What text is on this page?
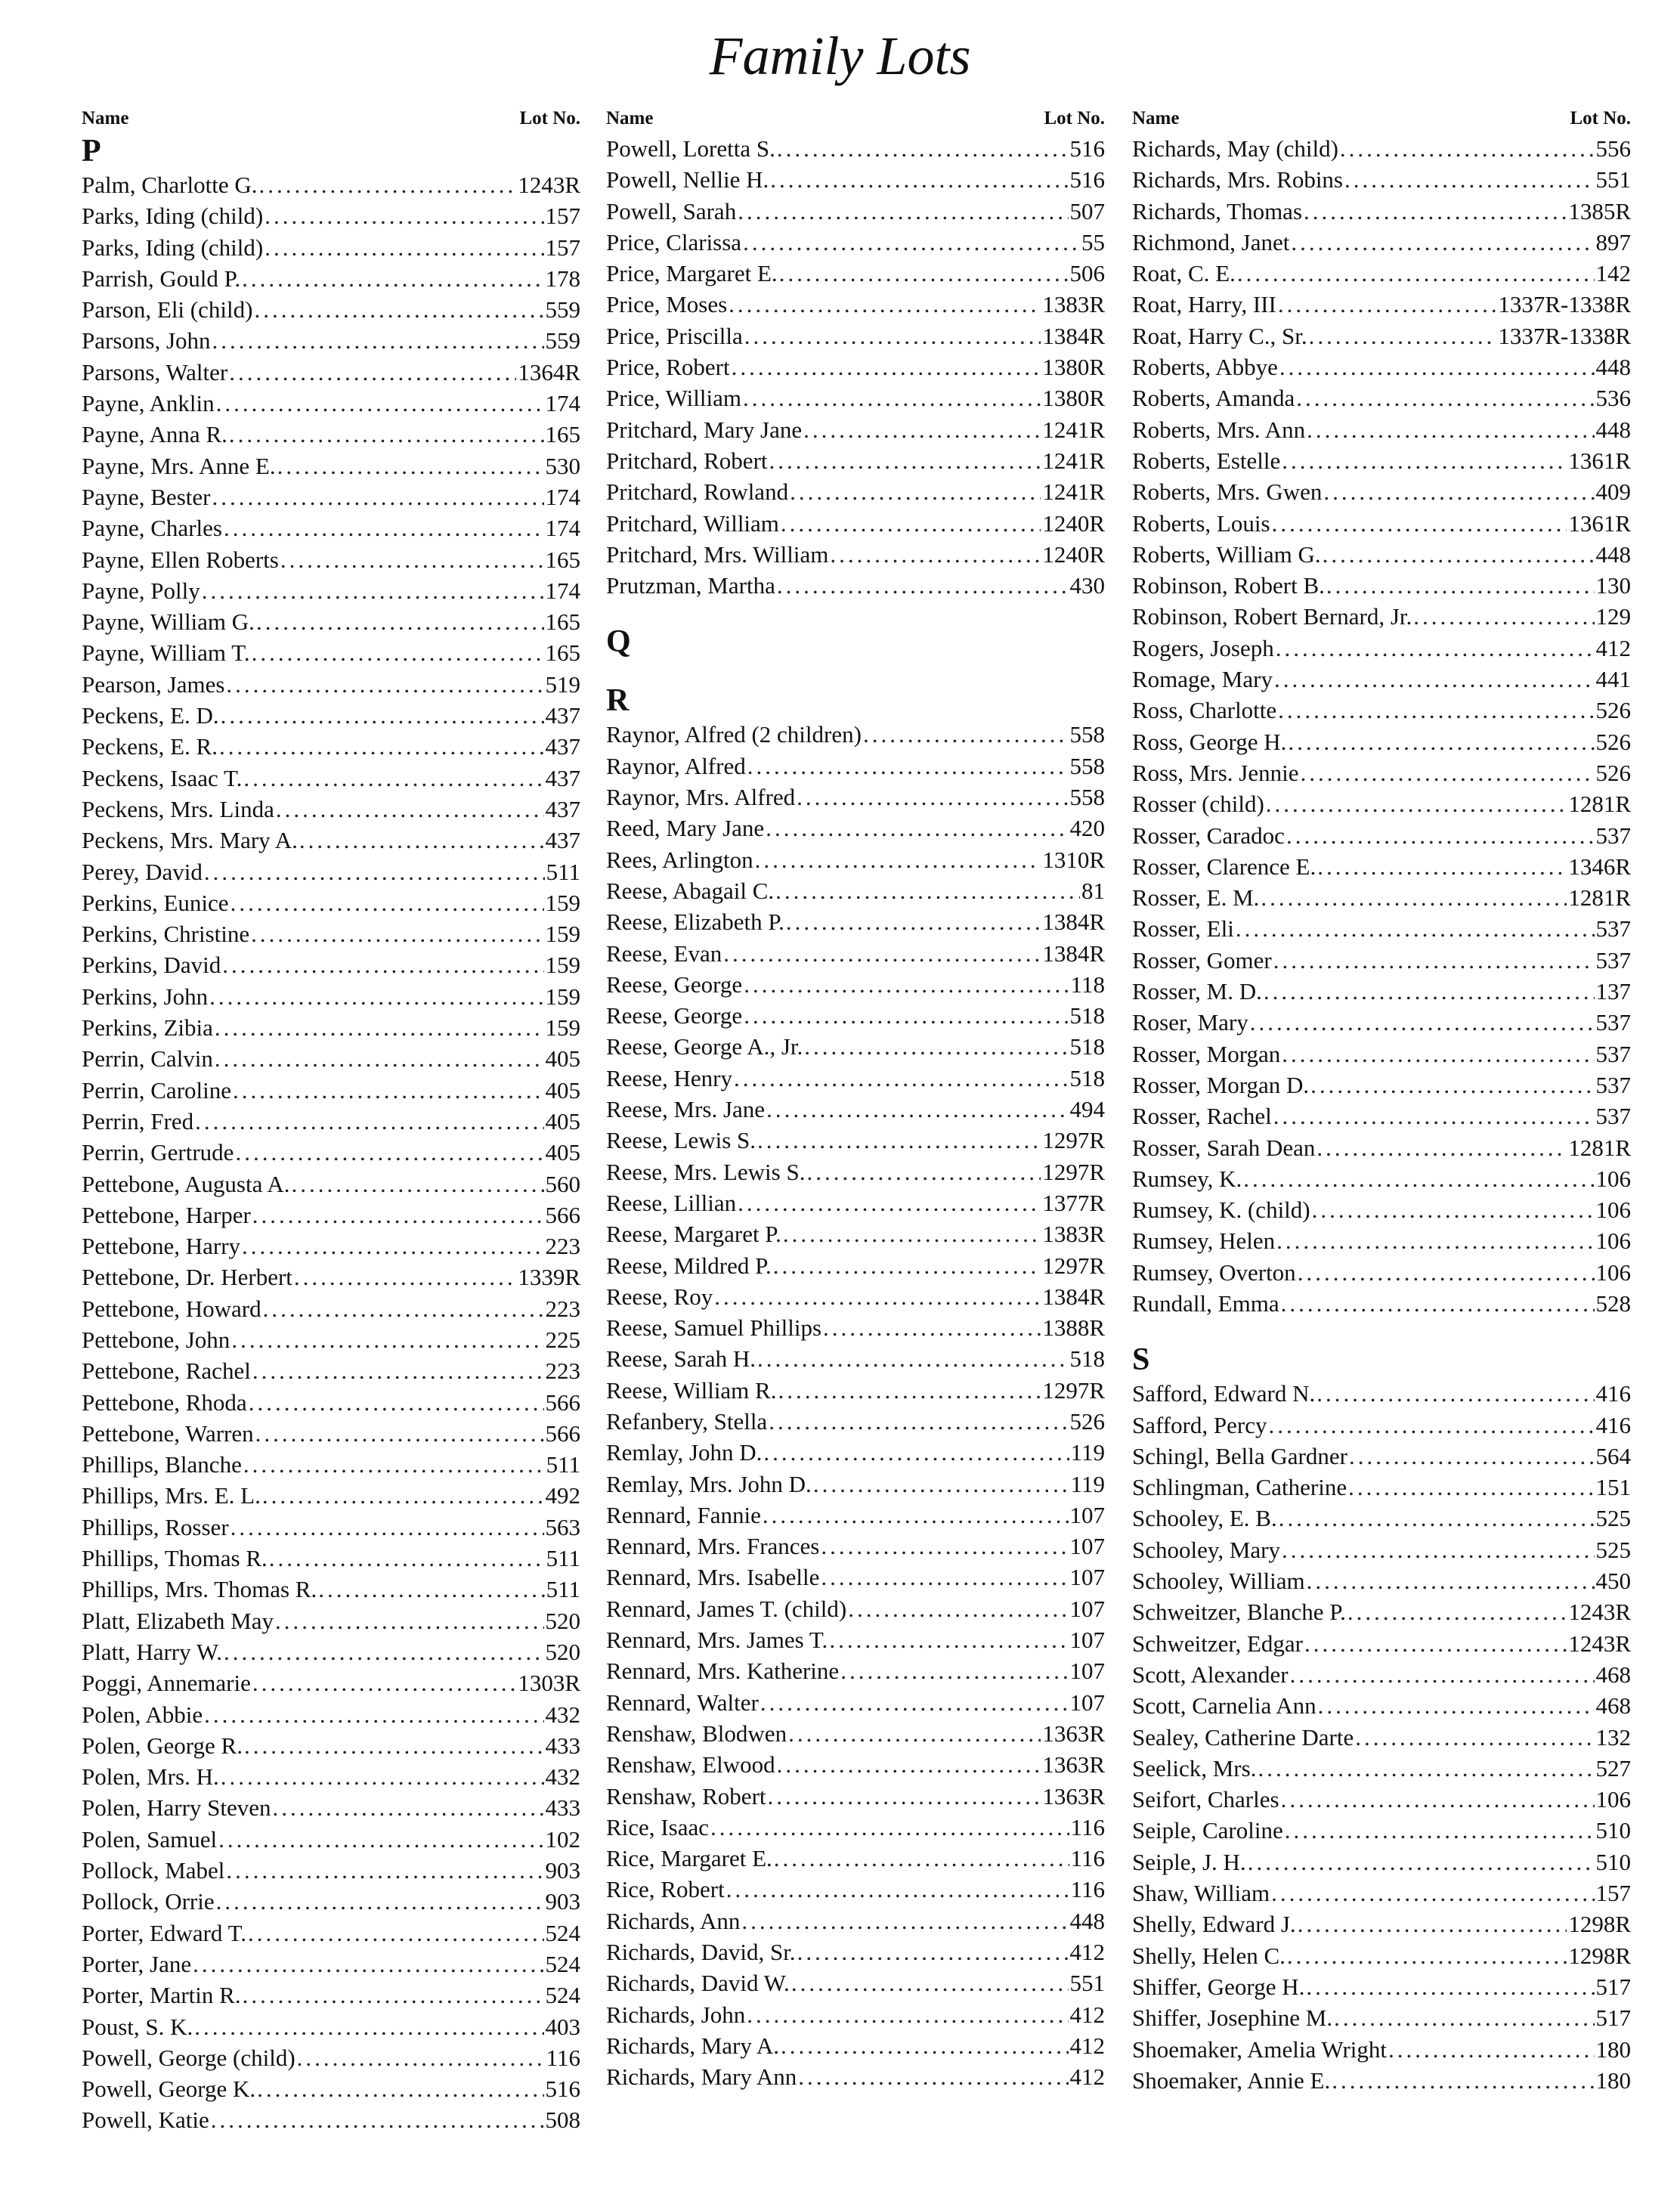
Family Lots
Name	Lot No.
P
Palm, Charlotte G. .....	1243R
Parks, Iding (child) .....	157
Parks, Iding (child) .....	157
Parrish, Gould P. .....	178
Parson, Eli (child) .....	559
Parsons, John .....	559
Parsons, Walter .....	1364R
Payne, Anklin .....	174
Payne, Anna R. .....	165
Payne, Mrs. Anne E. .....	530
Payne, Bester .....	174
Payne, Charles .....	174
Payne, Ellen Roberts .....	165
Payne, Polly .....	174
Payne, William G. .....	165
Payne, William T. .....	165
Pearson, James .....	519
Peckens, E. D. .....	437
Peckens, E. R. .....	437
Peckens, Isaac T. .....	437
Peckens, Mrs. Linda .....	437
Peckens, Mrs. Mary A. .....	437
Perey, David .....	511
Perkins, Eunice .....	159
Perkins, Christine .....	159
Perkins, David .....	159
Perkins, John .....	159
Perkins, Zibia .....	159
Perrin, Calvin .....	405
Perrin, Caroline .....	405
Perrin, Fred .....	405
Perrin, Gertrude .....	405
Pettebone, Augusta A. .....	560
Pettebone, Harper .....	566
Pettebone, Harry .....	223
Pettebone, Dr. Herbert .....	1339R
Pettebone, Howard .....	223
Pettebone, John .....	225
Pettebone, Rachel .....	223
Pettebone, Rhoda .....	566
Pettebone, Warren .....	566
Phillips, Blanche .....	511
Phillips, Mrs. E. L. .....	492
Phillips, Rosser .....	563
Phillips, Thomas R. .....	511
Phillips, Mrs. Thomas R. .....	511
Platt, Elizabeth May .....	520
Platt, Harry W. .....	520
Poggi, Annemarie .....	1303R
Polen, Abbie .....	432
Polen, George R. .....	433
Polen, Mrs. H. .....	432
Polen, Harry Steven .....	433
Polen, Samuel .....	102
Pollock, Mabel .....	903
Pollock, Orrie .....	903
Porter, Edward T. .....	524
Porter, Jane .....	524
Porter, Martin R. .....	524
Poust, S. K. .....	403
Powell, George (child) .....	116
Powell, George K. .....	516
Powell, Katie .....	508
Name	Lot No.
Powell, Loretta S. .....	516
Powell, Nellie H. .....	516
Powell, Sarah .....	507
Price, Clarissa .....	55
Price, Margaret E. .....	506
Price, Moses .....	1383R
Price, Priscilla .....	1384R
Price, Robert .....	1380R
Price, William .....	1380R
Pritchard, Mary Jane .....	1241R
Pritchard, Robert .....	1241R
Pritchard, Rowland .....	1241R
Pritchard, William .....	1240R
Pritchard, Mrs. William .....	1240R
Prutzman, Martha .....	430
Q
R
Raynor, Alfred (2 children) .....	558
Raynor, Alfred .....	558
Raynor, Mrs. Alfred .....	558
Reed, Mary Jane .....	420
Rees, Arlington .....	1310R
Reese, Abagail C. .....	81
Reese, Elizabeth P. .....	1384R
Reese, Evan .....	1384R
Reese, George .....	118
Reese, George .....	518
Reese, George A., Jr. .....	518
Reese, Henry .....	518
Reese, Mrs. Jane .....	494
Reese, Lewis S. .....	1297R
Reese, Mrs. Lewis S. .....	1297R
Reese, Lillian .....	1377R
Reese, Margaret P. .....	1383R
Reese, Mildred P. .....	1297R
Reese, Roy .....	1384R
Reese, Samuel Phillips .....	1388R
Reese, Sarah H. .....	518
Reese, William R. .....	1297R
Refanbery, Stella .....	526
Remlay, John D. .....	119
Remlay, Mrs. John D. .....	119
Rennard, Fannie .....	107
Rennard, Mrs. Frances .....	107
Rennard, Mrs. Isabelle .....	107
Rennard, James T. (child) .....	107
Rennard, Mrs. James T. .....	107
Rennard, Mrs. Katherine .....	107
Rennard, Walter .....	107
Renshaw, Blodwen .....	1363R
Renshaw, Elwood .....	1363R
Renshaw, Robert .....	1363R
Rice, Isaac .....	116
Rice, Margaret E. .....	116
Rice, Robert .....	116
Richards, Ann .....	448
Richards, David, Sr. .....	412
Richards, David W. .....	551
Richards, John .....	412
Richards, Mary A. .....	412
Richards, Mary Ann .....	412
Name	Lot No.
Richards, May (child) .....	556
Richards, Mrs. Robins .....	551
Richards, Thomas .....	1385R
Richmond, Janet .....	897
Roat, C. E. .....	142
Roat, Harry, III .....	1337R-1338R
Roat, Harry C., Sr. .....	1337R-1338R
Roberts, Abbye .....	448
Roberts, Amanda .....	536
Roberts, Mrs. Ann .....	448
Roberts, Estelle .....	1361R
Roberts, Mrs. Gwen .....	409
Roberts, Louis .....	1361R
Roberts, William G. .....	448
Robinson, Robert B. .....	130
Robinson, Robert Bernard, Jr. .....	129
Rogers, Joseph .....	412
Romage, Mary .....	441
Ross, Charlotte .....	526
Ross, George H. .....	526
Ross, Mrs. Jennie .....	526
Rosser (child) .....	1281R
Rosser, Caradoc .....	537
Rosser, Clarence E. .....	1346R
Rosser, E. M. .....	1281R
Rosser, Eli .....	537
Rosser, Gomer .....	537
Rosser, M. D. .....	137
Roser, Mary .....	537
Rosser, Morgan .....	537
Rosser, Morgan D. .....	537
Rosser, Rachel .....	537
Rosser, Sarah Dean .....	1281R
Rumsey, K. .....	106
Rumsey, K. (child) .....	106
Rumsey, Helen .....	106
Rumsey, Overton .....	106
Rundall, Emma .....	528
S
Safford, Edward N. .....	416
Safford, Percy .....	416
Schingl, Bella Gardner .....	564
Schlingman, Catherine .....	151
Schooley, E. B. .....	525
Schooley, Mary .....	525
Schooley, William .....	450
Schweitzer, Blanche P. .....	1243R
Schweitzer, Edgar .....	1243R
Scott, Alexander .....	468
Scott, Carnelia Ann .....	468
Sealey, Catherine Darte .....	132
Seelick, Mrs. .....	527
Seifort, Charles .....	106
Seiple, Caroline .....	510
Seiple, J. H. .....	510
Shaw, William .....	157
Shelly, Edward J. .....	1298R
Shelly, Helen C. .....	1298R
Shiffer, George H. .....	517
Shiffer, Josephine M. .....	517
Shoemaker, Amelia Wright .....	180
Shoemaker, Annie E. .....	180
